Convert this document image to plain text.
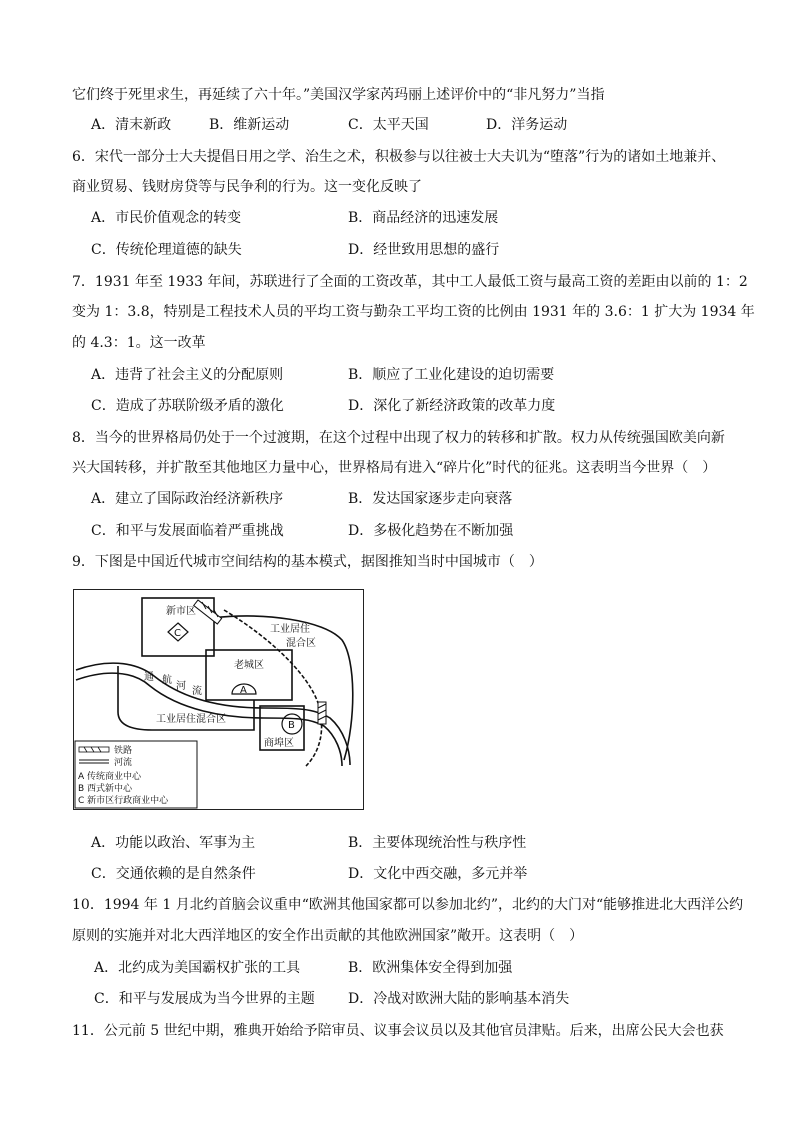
它们终于死里求生，再延续了六十年。”美国汉学家芮玛丽上述评价中的“非凡努力”当指
A．清末新政	B．维新运动	C．太平天国	D．洋务运动
6．宋代一部分士大夫提倡日用之学、治生之术，积极参与以往被士大夫讥为“堕落”行为的诸如土地兼并、
商业贸易、钱财房贷等与民争利的行为。这一变化反映了
A．市民价值观念的转变	B．商品经济的迅速发展
C．传统伦理道德的缺失	D．经世致用思想的盛行
7．1931 年至 1933 年间，苏联进行了全面的工资改革，其中工人最低工资与最高工资的差距由以前的 1：2
变为 1：3.8，特别是工程技术人员的平均工资与勤杂工平均工资的比例由 1931 年的 3.6：1 扩大为 1934 年
的 4.3：1。这一改革
A．违背了社会主义的分配原则	B．顺应了工业化建设的迫切需要
C．造成了苏联阶级矛盾的激化	D．深化了新经济政策的改革力度
8．当今的世界格局仍处于一个过渡期，在这个过程中出现了权力的转移和扩散。权力从传统强国欧美向新
兴大国转移，并扩散至其他地区力量中心，世界格局有进入“碎片化”时代的征兆。这表明当今世界（　）
A．建立了国际政治经济新秩序	B．发达国家逐步走向衰落
C．和平与发展面临着严重挑战	D．多极化趋势在不断加强
9．下图是中国近代城市空间结构的基本模式，据图推知当时中国城市（　）
新市区
C	工业居住
混合区
老城区
A
通 航
河 流
工业居住混合区
B
商埠区
铁路
河流
A 传统商业中心
B 西式新中心
C 新市区行政商业中心
A．功能以政治、军事为主	B．主要体现统治性与秩序性
C．交通依赖的是自然条件	D．文化中西交融，多元并举
10．1994 年 1 月北约首脑会议重申“欧洲其他国家都可以参加北约”，北约的大门对“能够推进北大西洋公约
原则的实施并对北大西洋地区的安全作出贡献的其他欧洲国家”敞开。这表明（　）
A．北约成为美国霸权扩张的工具	B．欧洲集体安全得到加强
C．和平与发展成为当今世界的主题 D．冷战对欧洲大陆的影响基本消失
11．公元前 5 世纪中期，雅典开始给予陪审员、议事会议员以及其他官员津贴。后来，出席公民大会也获
